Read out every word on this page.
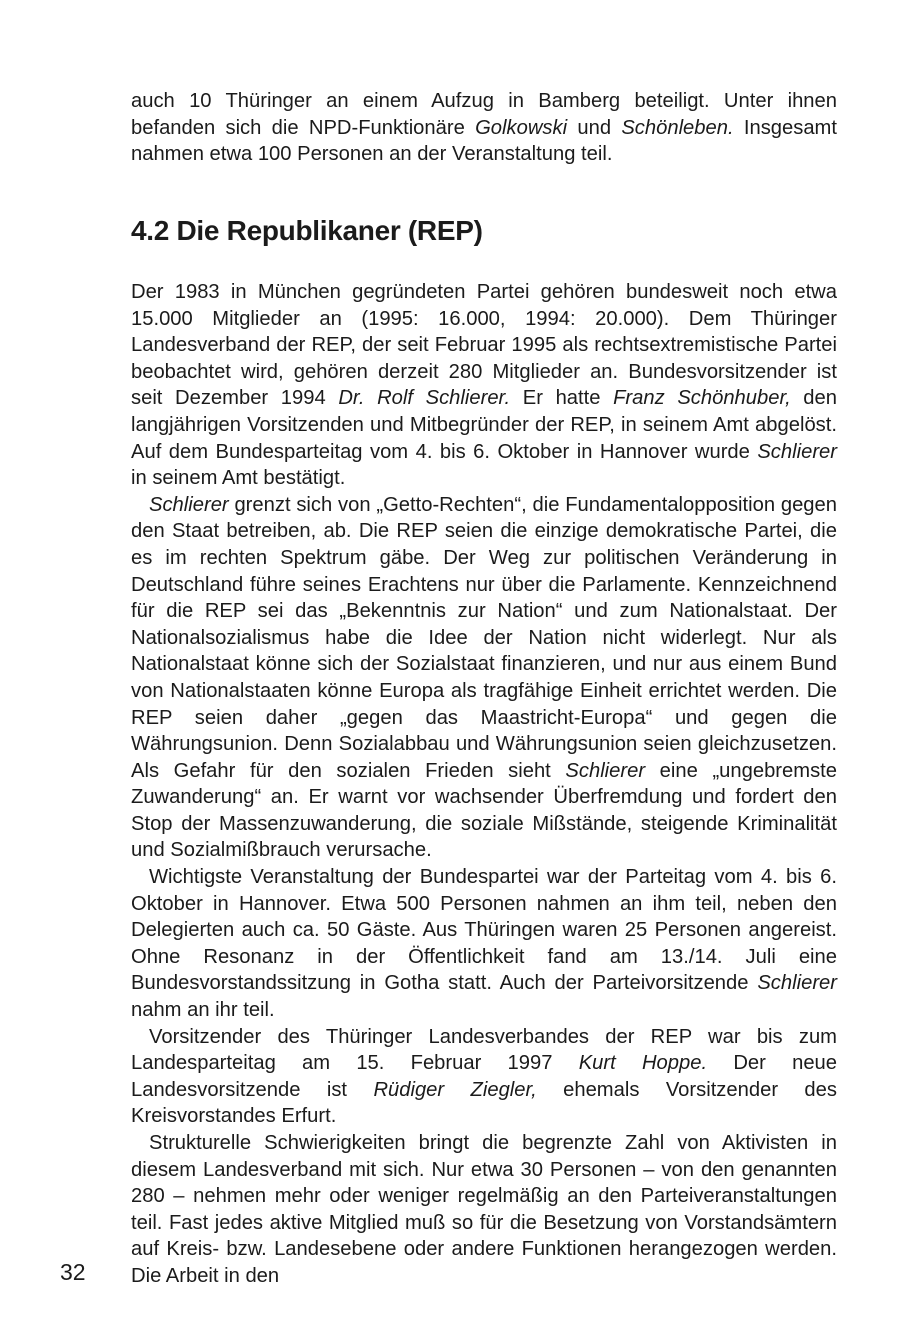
auch 10 Thüringer an einem Aufzug in Bamberg beteiligt. Unter ihnen befanden sich die NPD-Funktionäre Golkowski und Schönleben. Insgesamt nahmen etwa 100 Personen an der Veranstaltung teil.

4.2 Die Republikaner (REP)

Der 1983 in München gegründeten Partei gehören bundesweit noch etwa 15.000 Mitglieder an (1995: 16.000, 1994: 20.000). Dem Thüringer Landesverband der REP, der seit Februar 1995 als rechtsextremistische Partei beobachtet wird, gehören derzeit 280 Mitglieder an. Bundesvorsitzender ist seit Dezember 1994 Dr. Rolf Schlierer. Er hatte Franz Schönhuber, den langjährigen Vorsitzenden und Mitbegründer der REP, in seinem Amt abgelöst. Auf dem Bundesparteitag vom 4. bis 6. Oktober in Hannover wurde Schlierer in seinem Amt bestätigt.

Schlierer grenzt sich von „Getto-Rechten“, die Fundamentalopposition gegen den Staat betreiben, ab. Die REP seien die einzige demokratische Partei, die es im rechten Spektrum gäbe. Der Weg zur politischen Veränderung in Deutschland führe seines Erachtens nur über die Parlamente. Kennzeichnend für die REP sei das „Bekenntnis zur Nation“ und zum Nationalstaat. Der Nationalsozialismus habe die Idee der Nation nicht widerlegt. Nur als Nationalstaat könne sich der Sozialstaat finanzieren, und nur aus einem Bund von Nationalstaaten könne Europa als tragfähige Einheit errichtet werden. Die REP seien daher „gegen das Maastricht-Europa“ und gegen die Währungsunion. Denn Sozialabbau und Währungsunion seien gleichzusetzen. Als Gefahr für den sozialen Frieden sieht Schlierer eine „ungebremste Zuwanderung“ an. Er warnt vor wachsender Überfremdung und fordert den Stop der Massenzuwanderung, die soziale Mißstände, steigende Kriminalität und Sozialmißbrauch verursache.

Wichtigste Veranstaltung der Bundespartei war der Parteitag vom 4. bis 6. Oktober in Hannover. Etwa 500 Personen nahmen an ihm teil, neben den Delegierten auch ca. 50 Gäste. Aus Thüringen waren 25 Personen angereist. Ohne Resonanz in der Öffentlichkeit fand am 13./14. Juli eine Bundesvorstandssitzung in Gotha statt. Auch der Parteivorsitzende Schlierer nahm an ihr teil.

Vorsitzender des Thüringer Landesverbandes der REP war bis zum Landesparteitag am 15. Februar 1997 Kurt Hoppe. Der neue Landesvorsitzende ist Rüdiger Ziegler, ehemals Vorsitzender des Kreisvorstandes Erfurt.

Strukturelle Schwierigkeiten bringt die begrenzte Zahl von Aktivisten in diesem Landesverband mit sich. Nur etwa 30 Personen – von den genannten 280 – nehmen mehr oder weniger regelmäßig an den Parteiveranstaltungen teil. Fast jedes aktive Mitglied muß so für die Besetzung von Vorstandsämtern auf Kreis- bzw. Landesebene oder andere Funktionen herangezogen werden. Die Arbeit in den

32
